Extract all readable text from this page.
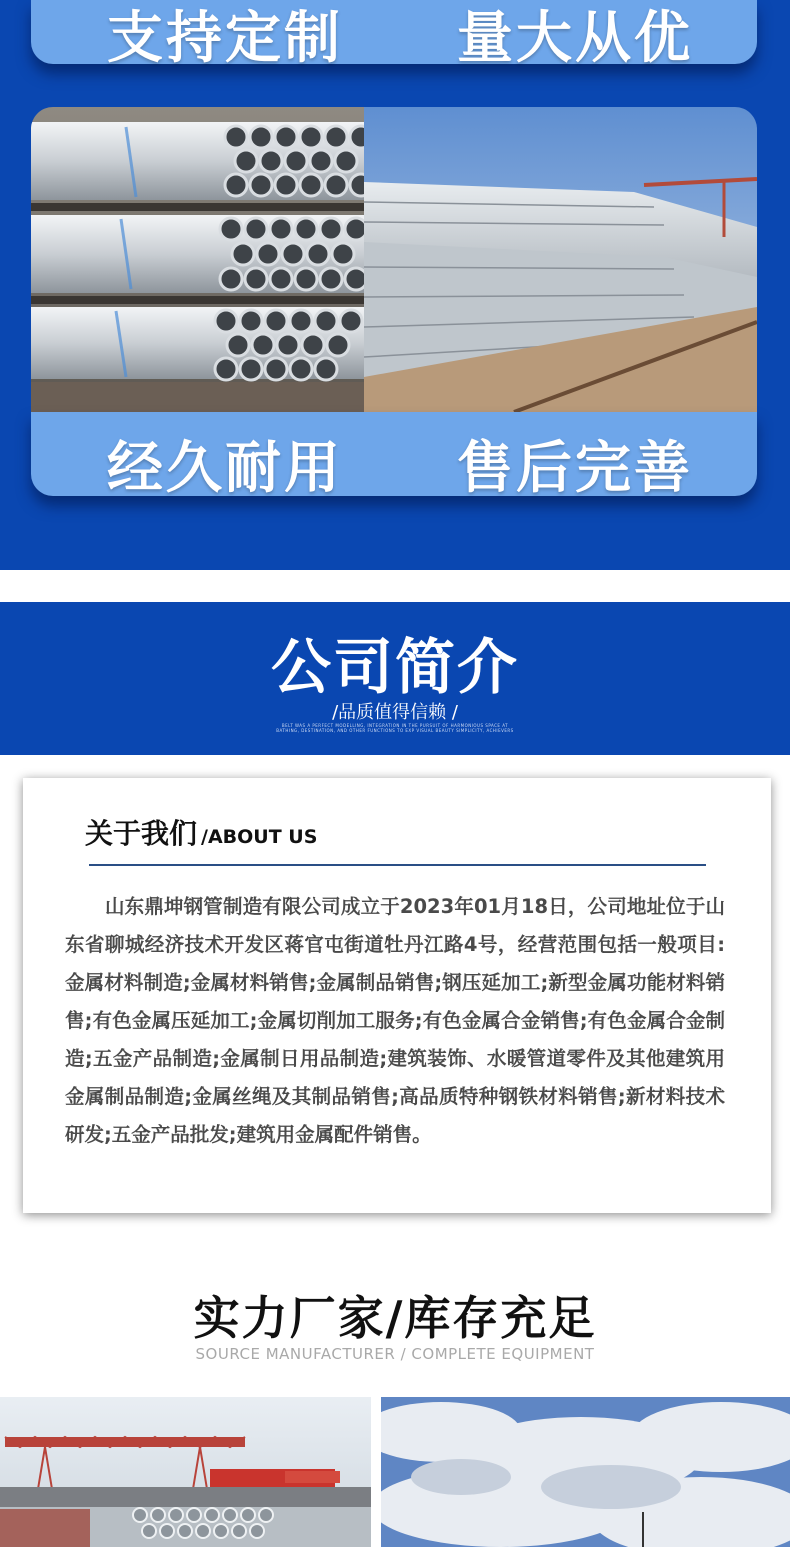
支持定制 量大从优
经久耐用 售后完善
公司简介
/品质值得信赖 /
BELT WAS A PERFECT MODELLING, INTEGRATION IN THE PURSUIT OF HARMONIOUS SPACE AT BATHING, DESTINATION, AND OTHER FUNCTIONS TO EXP VISUAL BEAUTY SIMPLICITY, ACHIEVERS
关于我们 /ABOUT US

山东鼎坤钢管制造有限公司成立于2023年01月18日，公司地址位于山东省聊城经济技术开发区蒋官屯街道牡丹江路4号，经营范围包括一般项目:金属材料制造;金属材料销售;金属制品销售;钢压延加工;新型金属功能材料销售;有色金属压延加工;金属切削加工服务;有色金属合金销售;有色金属合金制造;五金产品制造;金属制日用品制造;建筑装饰、水暖管道零件及其他建筑用金属制品制造;金属丝绳及其制品销售;高品质特种钢铁材料销售;新材料技术研发;五金产品批发;建筑用金属配件销售。

实力厂家/库存充足
SOURCE MANUFACTURER / COMPLETE EQUIPMENT
